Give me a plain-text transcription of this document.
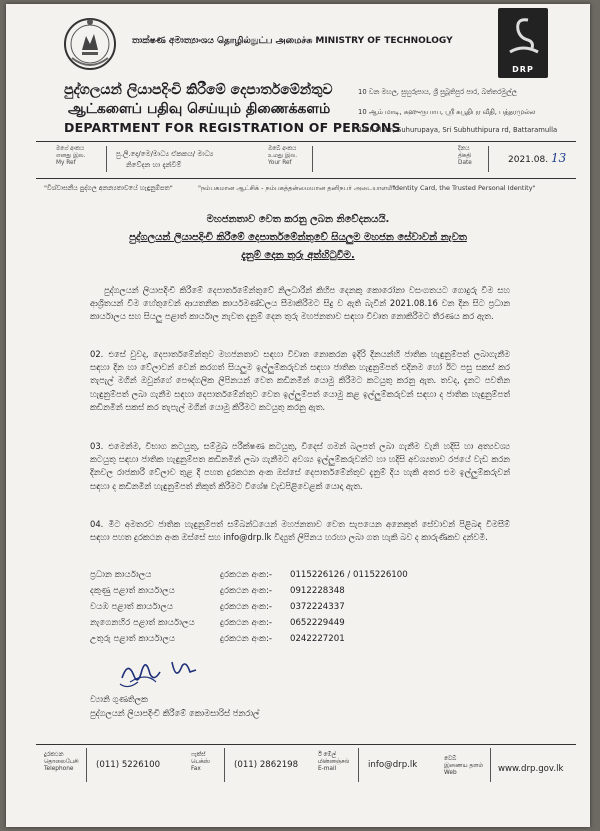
තාක්ෂණ අමාත්‍යාංශය தொழில்நுட்ப அமைச்சு MINISTRY OF TECHNOLOGY
DRP
පුද්ගලයන් ලියාපදිංචි කිරීමේ දෙපාර්තමේන්තුව
ஆட்களைப் பதிவு செய்யும் திணைக்களம்
DEPARTMENT FOR REGISTRATION OF PERSONS
10 වන මහල, සුහුරුපාය, ශ්‍රී සුබූතිපුර පාර, බත්තරමුල්ල
10 ஆம் மாடி, சுஹுருபாய, ஸ்ரீ சுபூதிபுர வீதி, பத்தரமுல்ல
10th Floor, Suhurupaya, Sri Subhuthipura rd, Battaramulla
මගේ අංකය
எனது இல.
My Ref
පු.ලි.දෙ/මෙ/මාධ්‍ය ඒකකය/ මාධ්‍ය
නිවේදන හා දැන්වීම්
ඔබේ අංකය
உமது இல.
Your Ref
දිනය
திகதி
Date	2021.08. 13
"විශ්වාසනීය පුද්ගල අනන්‍යතාවයේ හැඳුනුම්පත"	"நம்பகமான ஆட்சிக் - நம்பகத்தன்மையான தனிநபர் அடையாளம்"
"Identity Card, the Trusted Personal Identity"
මහජනතාව වෙත කරනු ලබන නිවේදනයයි.
පුද්ගලයන් ලියාපදිංචි කිරීමේ දෙපාර්තමේන්තුවේ සියලුම මහජන සේවාවන් නැවත
දැනුම් දෙන තුරු අත්හිටුවීම.
පුද්ගලයන් ලියාපදිංචි කිරීමේ දෙපාර්තමේන්තුවේ නිලධාරීන් කිහිප දෙනකු කොරෝනා වසංගතයට ගොදුරු වීම සහ ආශ්‍රිතයන් වීම හේතුවෙන් ආයතනික කාර්යමණ්ඩලය සීමාකිරීමට සිදු ව ඇති බැවින් 2021.08.16 වන දින සිට ප්‍රධාන කාර්යාලය සහ සියලු පළාත් කාර්යාල නැවත දැනුම් දෙන තුරු මහජනතාව සඳහා විවෘත නොකිරීමට තීරණය කර ඇත.
02. එසේ වුවද, දෙපාර්තමේන්තුව මහජනතාව සඳහා විවෘත නොකරන ඉදිරි දිනයන්හි ජාතික හැඳුනුම්පත් ලබාගැනීම සඳහා දින හා වේලාවන් වෙන් කරගත් සියලුම ඉල්ලුම්කරුවන් සඳහා ජාතික හැඳුනුම්පත් එදිනම හෝ ඊට පසු සකස් කර තැපැල් මගින් ඔවුන්ගේ පෞද්ගලික ලිපිනයන් වෙත කඩිනමින් යොමු කිරීමට කටයුතු කරනු ඇත. තවද, දැනට පවතින හැඳුනුම්පත් ලබා ගැනීම සඳහා දෙපාර්තමේන්තුව වෙත ඉල්ලුම්පත් යොමු කළ ඉල්ලුම්කරුවන් සඳහා ද ජාතික හැඳුනුම්පත් කඩිනමින් සකස් කර තැපැල් මගින් යොමු කිරීමට කටයුතු කරනු ඇත.
03. එමෙන්ම, විභාග කටයුතු, සම්මුඛ පරීක්ෂණ කටයුතු, විදෙස් ගමන් බලපත් ලබා ගැනීම වැනි හදිසි හා අත්‍යවශ්‍ය කටයුතු සඳහා ජාතික හැඳුනුම්පත කඩිනමින් ලබා ගැනීමට අවශ්‍ය ඉල්ලුම්කරුවන්ට හා හදිසි අවශ්‍යතාව රජයේ වැඩ කරන දිනවල රාජකාරී වේලාව තුළ දී පහත දුරකථන අංක ඔස්සේ දෙපාර්තමේන්තුව දැනුම් දිය හැකි අතර එම ඉල්ලුම්කරුවන් සඳහා ද කඩිනමින් හැඳුනුම්පත් නිකුත් කිරීමට විශේෂ වැඩපිළිවෙළක් යොදා ඇත.
04. මීට අමතරව ජාතික හැඳුනුම්පත් සම්බන්ධයෙන් මහජනතාව වෙත සැපයෙන අනෙකුත් සේවාවන් පිළිබඳ විමසීම් සඳහා පහත දුරකථන අංක ඔස්සේ සහ info@drp.lk විද්‍යුත් ලිපිනය හරහා ලබා ගත හැකි බව ද කාරුණිකව දන්වමි.
ප්‍රධාන කාර්යාලය	දුරකථන අංක:- 0115226126 / 0115226100
දකුණු පළාත් කාර්යාලය	දුරකථන අංක:- 0912228348
වයඹ පළාත් කාර්යාලය	දුරකථන අංක:- 0372224337
නැගෙනහිර පළාත් කාර්යාලය	දුරකථන අංක:- 0652229449
උතුරු පළාත් කාර්යාලය	දුරකථන අංක:- 0242227201
ව්‍යානි ගුණතිලක
පුද්ගලයන් ලියාපදිංචි කිරීමේ කොමසාරිස් ජනරාල්
දුරකථන
தொலைபேசி
Telephone	(011) 5226100
ෆැක්ස්
பெக்ஸ்
Fax	(011) 2862198
ඊ මේල්
மின்னஞ்சல்
E-mail	info@drp.lk
වෙබ්
இணைய தளம்
Web	www.drp.gov.lk
